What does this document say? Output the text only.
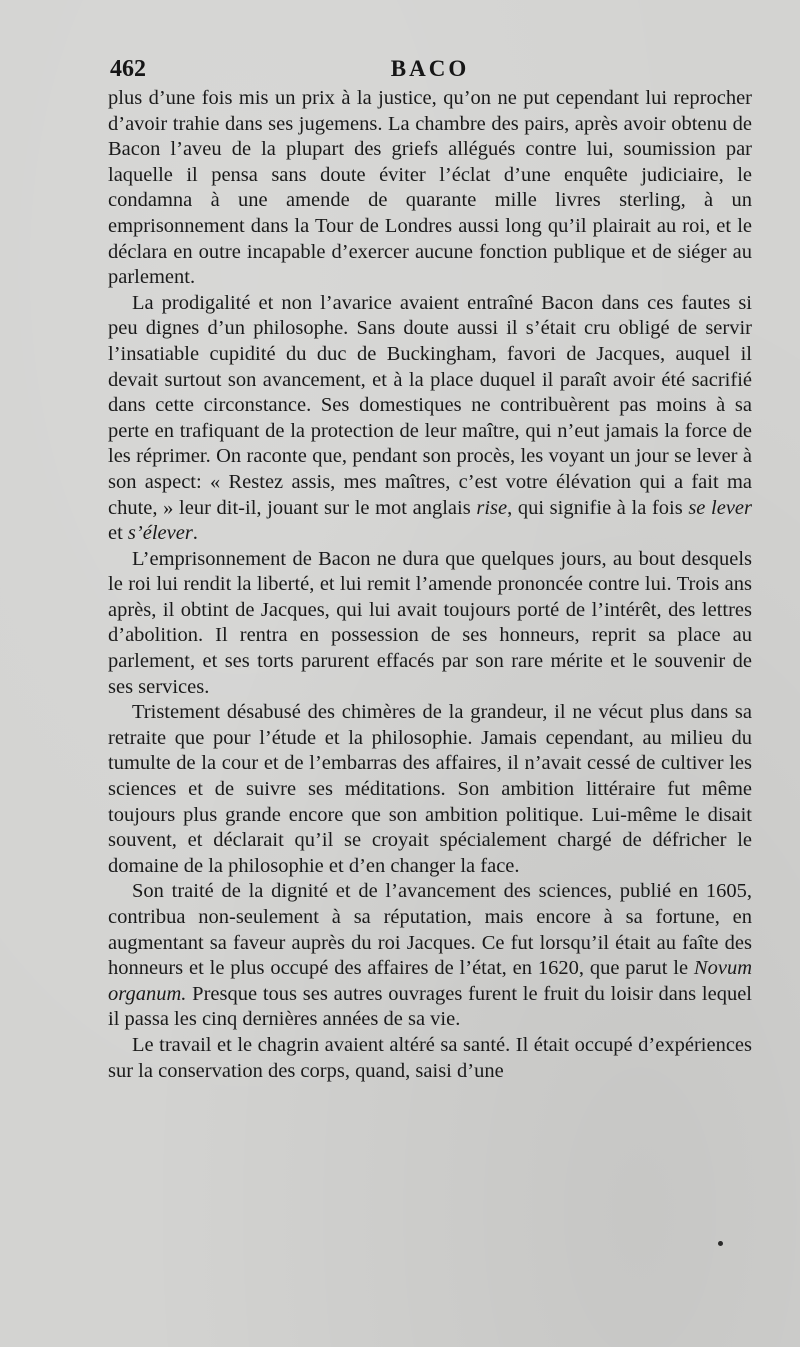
462	BACO

plus d’une fois mis un prix à la justice, qu’on ne put cependant lui reprocher d’avoir trahie dans ses jugemens. La chambre des pairs, après avoir obtenu de Bacon l’aveu de la plupart des griefs allégués contre lui, soumission par laquelle il pensa sans doute éviter l’éclat d’une enquête judiciaire, le condamna à une amende de quarante mille livres sterling, à un emprisonnement dans la Tour de Londres aussi long qu’il plairait au roi, et le déclara en outre incapable d’exercer aucune fonction publique et de siéger au parlement.

La prodigalité et non l’avarice avaient entraîné Bacon dans ces fautes si peu dignes d’un philosophe. Sans doute aussi il s’était cru obligé de servir l’insatiable cupidité du duc de Buckingham, favori de Jacques, auquel il devait surtout son avancement, et à la place duquel il paraît avoir été sacrifié dans cette circonstance. Ses domestiques ne contribuèrent pas moins à sa perte en trafiquant de la protection de leur maître, qui n’eut jamais la force de les réprimer. On raconte que, pendant son procès, les voyant un jour se lever à son aspect: « Restez assis, mes maîtres, c’est votre élévation qui a fait ma chute, » leur dit-il, jouant sur le mot anglais rise, qui signifie à la fois se lever et s’élever.

L’emprisonnement de Bacon ne dura que quelques jours, au bout desquels le roi lui rendit la liberté, et lui remit l’amende prononcée contre lui. Trois ans après, il obtint de Jacques, qui lui avait toujours porté de l’intérêt, des lettres d’abolition. Il rentra en possession de ses honneurs, reprit sa place au parlement, et ses torts parurent effacés par son rare mérite et le souvenir de ses services.

Tristement désabusé des chimères de la grandeur, il ne vécut plus dans sa retraite que pour l’étude et la philosophie. Jamais cependant, au milieu du tumulte de la cour et de l’embarras des affaires, il n’avait cessé de cultiver les sciences et de suivre ses méditations. Son ambition littéraire fut même toujours plus grande encore que son ambition politique. Lui-même le disait souvent, et déclarait qu’il se croyait spécialement chargé de défricher le domaine de la philosophie et d’en changer la face.

Son traité de la dignité et de l’avancement des sciences, publié en 1605, contribua non-seulement à sa réputation, mais encore à sa fortune, en augmentant sa faveur auprès du roi Jacques. Ce fut lorsqu’il était au faîte des honneurs et le plus occupé des affaires de l’état, en 1620, que parut le Novum organum. Presque tous ses autres ouvrages furent le fruit du loisir dans lequel il passa les cinq dernières années de sa vie.

Le travail et le chagrin avaient altéré sa santé. Il était occupé d’expériences sur la conservation des corps, quand, saisi d’une
